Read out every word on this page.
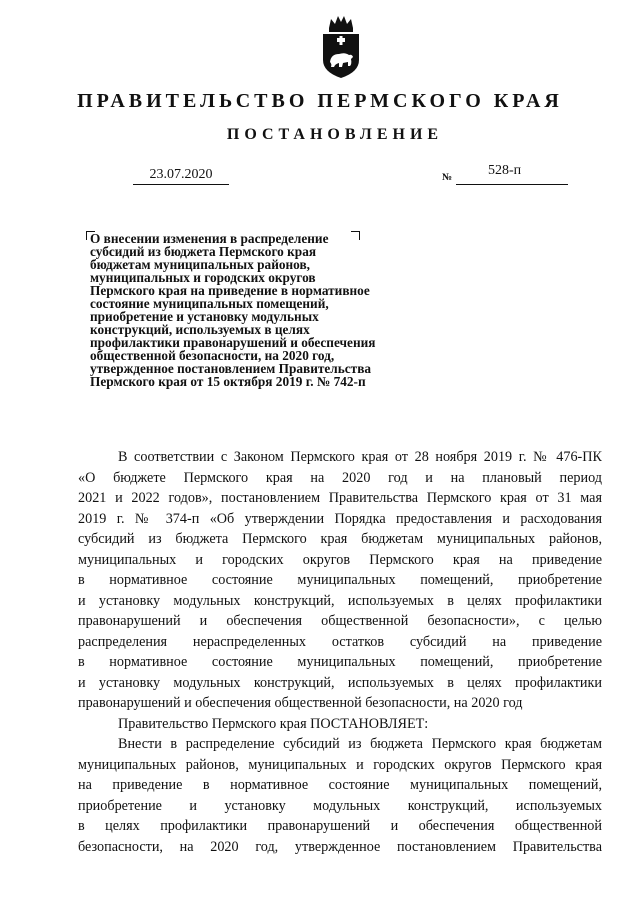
ПРАВИТЕЛЬСТВО ПЕРМСКОГО КРАЯ
ПОСТАНОВЛЕНИЕ
23.07.2020	№	528-п
О внесении изменения в распределение
субсидий из бюджета Пермского края
бюджетам муниципальных районов,
муниципальных и городских округов
Пермского края на приведение в нормативное
состояние муниципальных помещений,
приобретение и установку модульных
конструкций, используемых в целях
профилактики правонарушений и обеспечения
общественной безопасности, на 2020 год,
утвержденное постановлением Правительства
Пермского края от 15 октября 2019 г. № 742-п
В соответствии с Законом Пермского края от 28 ноября 2019 г. № 476-ПК
«О бюджете Пермского края на 2020 год и на плановый период
2021 и 2022 годов», постановлением Правительства Пермского края от 31 мая
2019 г. № 374-п «Об утверждении Порядка предоставления и расходования
субсидий из бюджета Пермского края бюджетам муниципальных районов,
муниципальных и городских округов Пермского края на приведение
в нормативное состояние муниципальных помещений, приобретение
и установку модульных конструкций, используемых в целях профилактики
правонарушений и обеспечения общественной безопасности», с целью
распределения нераспределенных остатков субсидий на приведение
в нормативное состояние муниципальных помещений, приобретение
и установку модульных конструкций, используемых в целях профилактики
правонарушений и обеспечения общественной безопасности, на 2020 год
Правительство Пермского края ПОСТАНОВЛЯЕТ:
Внести в распределение субсидий из бюджета Пермского края бюджетам
муниципальных районов, муниципальных и городских округов Пермского края
на приведение в нормативное состояние муниципальных помещений,
приобретение и установку модульных конструкций, используемых
в целях профилактики правонарушений и обеспечения общественной
безопасности, на 2020 год, утвержденное постановлением Правительства
